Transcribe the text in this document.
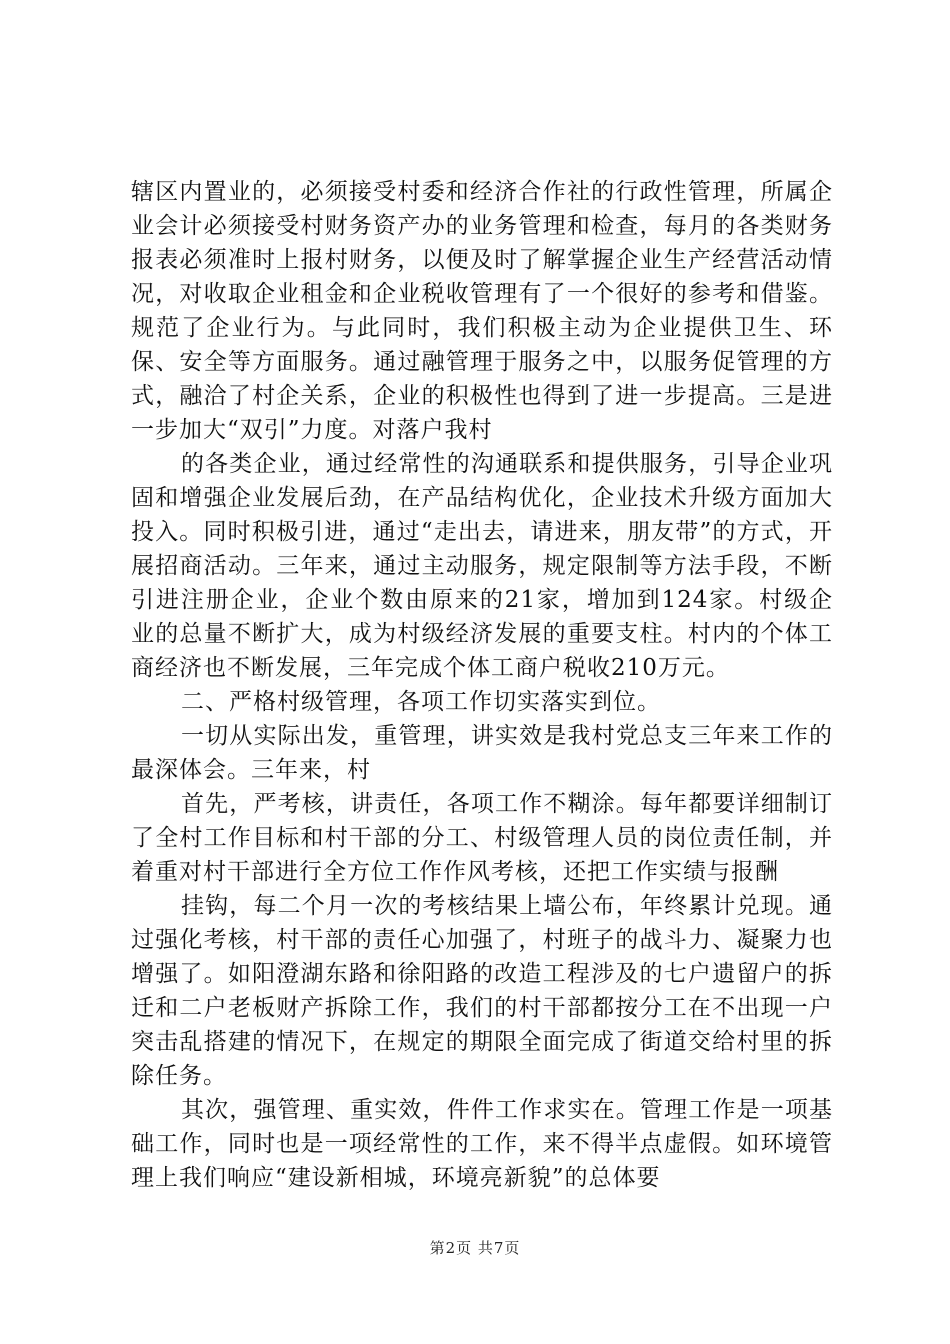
辖区内置业的，必须接受村委和经济合作社的行政性管理，所属企业会计必须接受村财务资产办的业务管理和检查，每月的各类财务报表必须准时上报村财务，以便及时了解掌握企业生产经营活动情况，对收取企业租金和企业税收管理有了一个很好的参考和借鉴。规范了企业行为。与此同时，我们积极主动为企业提供卫生、环保、安全等方面服务。通过融管理于服务之中，以服务促管理的方式，融洽了村企关系，企业的积极性也得到了进一步提高。三是进一步加大“双引”力度。对落户我村

的各类企业，通过经常性的沟通联系和提供服务，引导企业巩固和增强企业发展后劲，在产品结构优化，企业技术升级方面加大投入。同时积极引进，通过“走出去，请进来，朋友带”的方式，开展招商活动。三年来，通过主动服务，规定限制等方法手段，不断引进注册企业，企业个数由原来的21家，增加到124家。村级企业的总量不断扩大，成为村级经济发展的重要支柱。村内的个体工商经济也不断发展，三年完成个体工商户税收210万元。

二、严格村级管理，各项工作切实落实到位。

一切从实际出发，重管理，讲实效是我村党总支三年来工作的最深体会。三年来，村

首先，严考核，讲责任，各项工作不糊涂。每年都要详细制订了全村工作目标和村干部的分工、村级管理人员的岗位责任制，并着重对村干部进行全方位工作作风考核，还把工作实绩与报酬

挂钩，每二个月一次的考核结果上墙公布，年终累计兑现。通过强化考核，村干部的责任心加强了，村班子的战斗力、凝聚力也增强了。如阳澄湖东路和徐阳路的改造工程涉及的七户遗留户的拆迁和二户老板财产拆除工作，我们的村干部都按分工在不出现一户突击乱搭建的情况下，在规定的期限全面完成了街道交给村里的拆除任务。

其次，强管理、重实效，件件工作求实在。管理工作是一项基础工作，同时也是一项经常性的工作，来不得半点虚假。如环境管理上我们响应“建设新相城，环境亮新貌”的总体要

第2页 共7页
